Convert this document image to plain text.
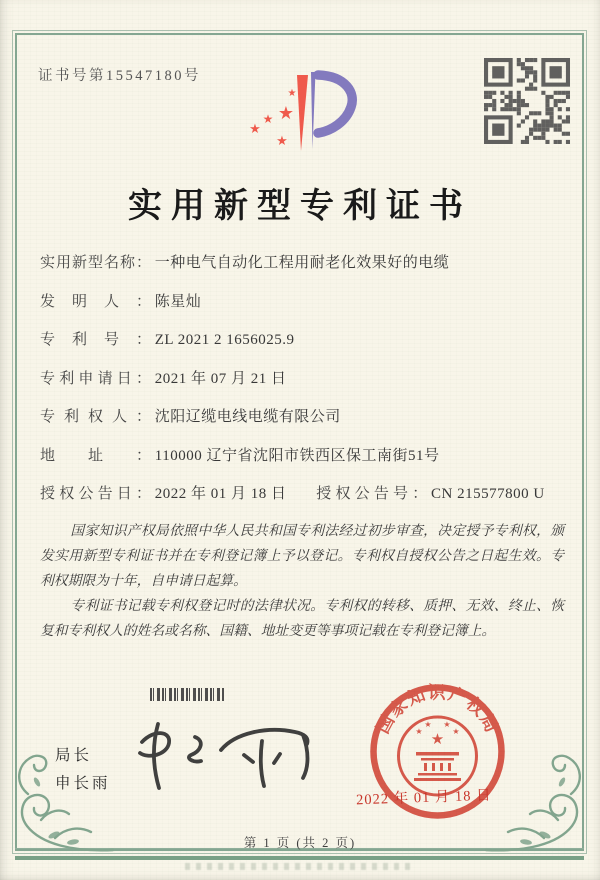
证书号第15547180号
★
★
★
★
★
实用新型专利证书
实用新型名称： 一种电气自动化工程用耐老化效果好的电缆
发明人： 陈星灿
专利号： ZL 2021 2 1656025.9
专利申请日： 2021 年 07 月 21 日
专利权人： 沈阳辽缆电线电缆有限公司
地址： 110000 辽宁省沈阳市铁西区保工南街51号
授权公告日： 2022 年 01 月 18 日 授权公告号： CN 215577800 U

国家知识产权局依照中华人民共和国专利法经过初步审查，决定授予专利权，颁发实用新型专利证书并在专利登记簿上予以登记。专利权自授权公告之日起生效。专利权期限为十年，自申请日起算。

专利证书记载专利权登记时的法律状况。专利权的转移、质押、无效、终止、恢复和专利权人的姓名或名称、国籍、地址变更等事项记载在专利登记簿上。

局长
申长雨
国家知识产权局
★
★
★ ★
★
2022 年 01 月 18 日
第 1 页 (共 2 页)
